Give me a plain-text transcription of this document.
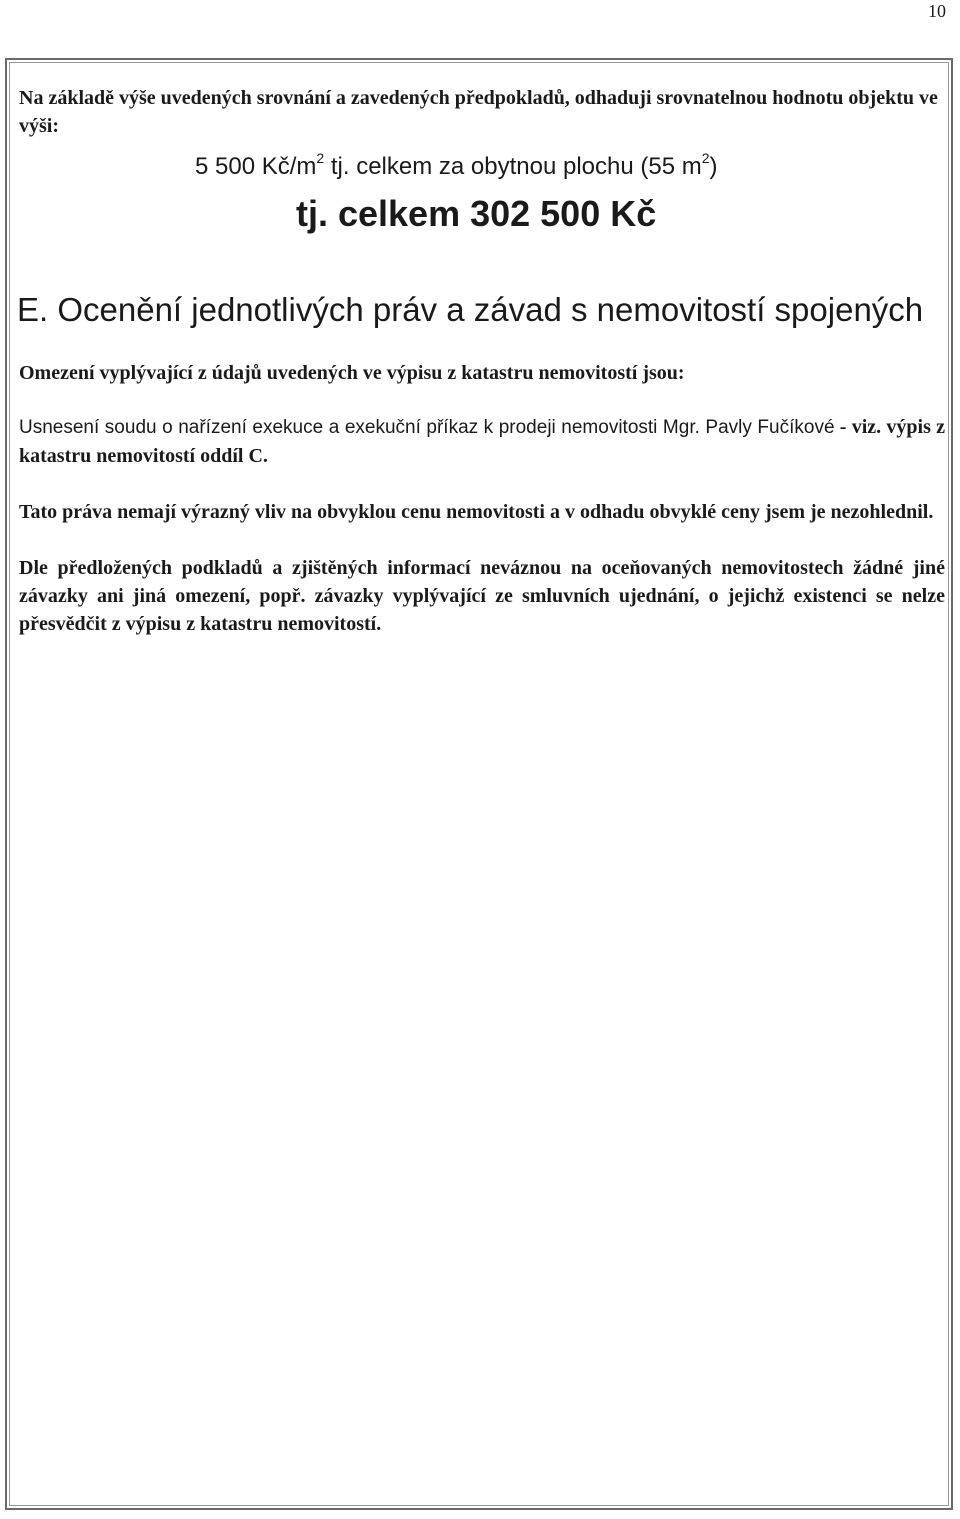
10

Na základě výše uvedených srovnání a zavedených předpokladů, odhaduji srovnatelnou hodnotu objektu ve výši:

5 500 $Kč/m^2$ tj. celkem za obytnou plochu (55 $m^2$)
tj. celkem 302 500 Kč
E. Ocenění jednotlivých práv a závad s nemovitostí spojených

Omezení vyplývající z údajů uvedených ve výpisu z katastru nemovitostí jsou:

Usnesení soudu o nařízení exekuce a exekuční příkaz k prodeji nemovitosti Mgr. Pavly Fučíkové - viz. výpis z katastru nemovitostí oddíl C.

Tato práva nemají výrazný vliv na obvyklou cenu nemovitosti a v odhadu obvyklé ceny jsem je nezohlednil.

Dle předložených podkladů a zjištěných informací neváznou na oceňovaných nemovitostech žádné jiné závazky ani jiná omezení, popř. závazky vyplývající ze smluvních ujednání, o jejichž existenci se nelze přesvědčit z výpisu z katastru nemovitostí.
